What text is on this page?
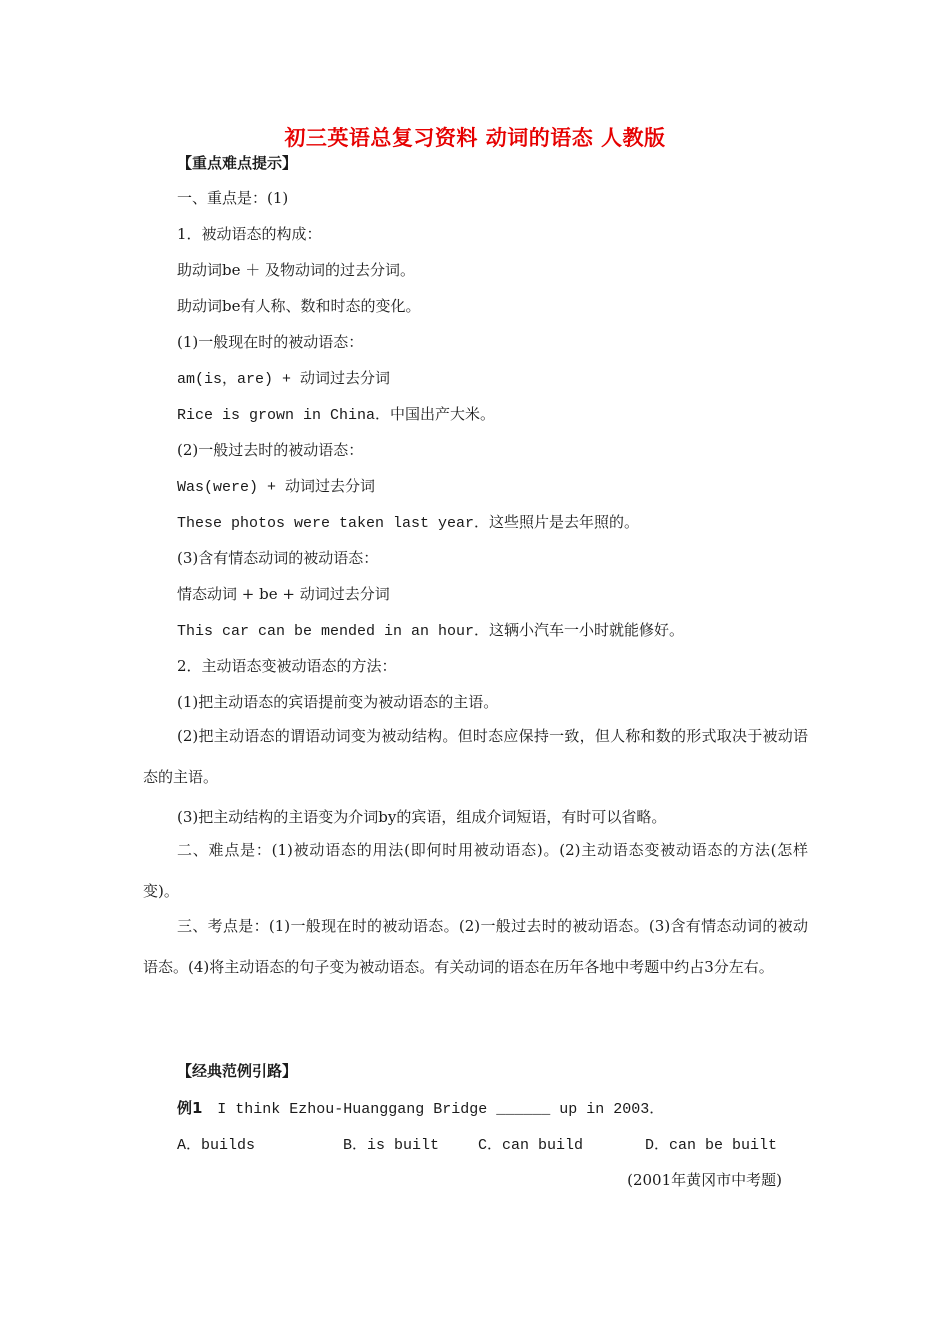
初三英语总复习资料 动词的语态 人教版
【重点难点提示】
一、重点是：(1)
1．被动语态的构成：
助动词be ＋ 及物动词的过去分词。
助动词be有人称、数和时态的变化。
(1)一般现在时的被动语态：
am(is，are) + 动词过去分词
Rice is grown in China．中国出产大米。
(2)一般过去时的被动语态：
Was(were) + 动词过去分词
These photos were taken last year．这些照片是去年照的。
(3)含有情态动词的被动语态：
情态动词 + be + 动词过去分词
This car can be mended in an hour．这辆小汽车一小时就能修好。
2．主动语态变被动语态的方法：
(1)把主动语态的宾语提前变为被动语态的主语。
(2)把主动语态的谓语动词变为被动结构。但时态应保持一致，但人称和数的形式取决于被动语态的主语。
(3)把主动结构的主语变为介词by的宾语，组成介词短语，有时可以省略。
二、难点是：(1)被动语态的用法(即何时用被动语态)。(2)主动语态变被动语态的方法(怎样变)。
三、考点是：(1)一般现在时的被动语态。(2)一般过去时的被动语态。(3)含有情态动词的被动语态。(4)将主动语态的句子变为被动语态。有关动词的语态在历年各地中考题中约占3分左右。
【经典范例引路】
例1 I think Ezhou-Huanggang Bridge ______ up in 2003．
A．builds	B．is built	C．can build	D．can be built
(2001年黄冈市中考题)
